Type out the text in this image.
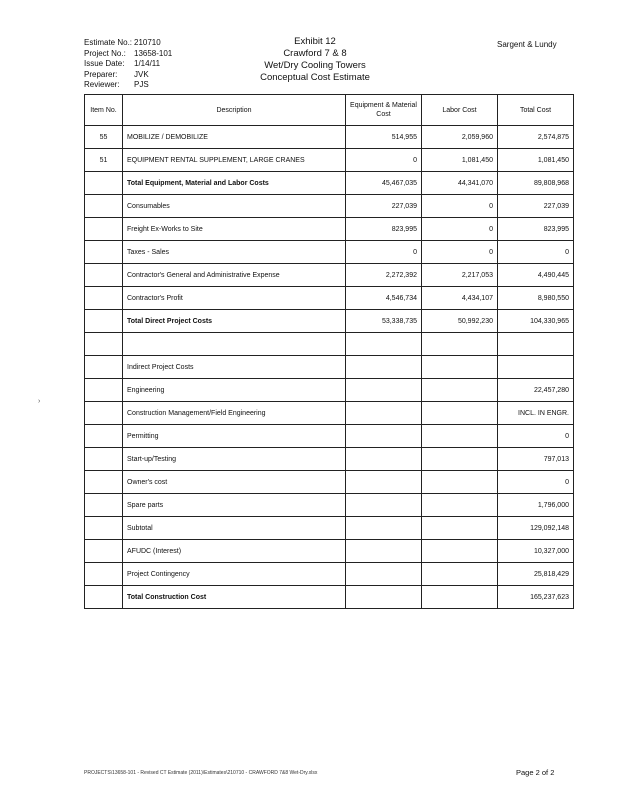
Estimate No.: 210710
Project No.:	13658-101
Issue Date:	1/14/11
Preparer:	JVK
Reviewer:	PJS
Exhibit 12
Crawford 7 & 8
Wet/Dry Cooling Towers
Conceptual Cost Estimate
Sargent & Lundy
Item No.	Description	Equipment & Material Cost	Labor Cost	Total Cost
55	MOBILIZE / DEMOBILIZE	514,955	2,059,960	2,574,875
51	EQUIPMENT RENTAL SUPPLEMENT, LARGE CRANES	0	1,081,450	1,081,450
	Total Equipment, Material and Labor Costs	45,467,035	44,341,070	89,808,968
	Consumables	227,039	0	227,039
	Freight Ex-Works to Site	823,995	0	823,995
	Taxes - Sales	0	0	0
	Contractor's General and Administrative Expense	2,272,392	2,217,053	4,490,445
	Contractor's Profit	4,546,734	4,434,107	8,980,550
	Total Direct Project Costs	53,338,735	50,992,230	104,330,965

	Indirect Project Costs			
	Engineering			22,457,280
	Construction Management/Field Engineering			INCL. IN ENGR.
	Permitting			0
	Start-up/Testing			797,013
	Owner's cost			0
	Spare parts			1,796,000
	Subtotal			129,092,148
	AFUDC (Interest)			10,327,000
	Project Contingency			25,818,429
	Total Construction Cost			165,237,623
›
PROJECTS\13658-101 - Revised CT Estimate (2011)\Estimates\210710 - CRAWFORD 7&8 Wet-Dry.xlsx	Page 2 of 2
